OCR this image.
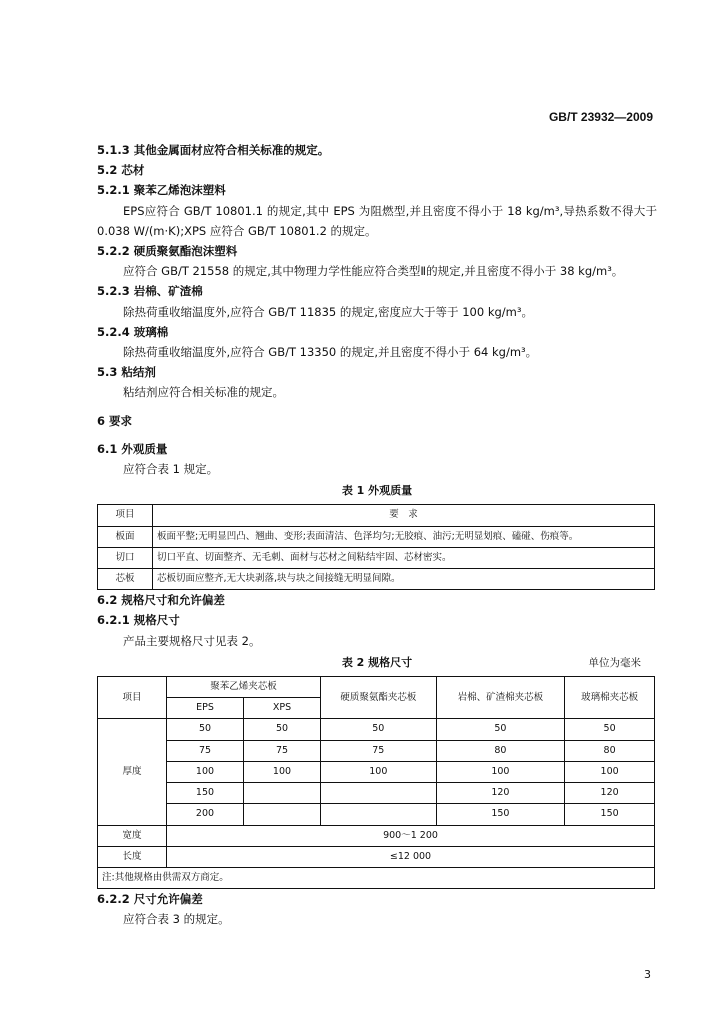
GB/T 23932—2009

5.1.3 其他金属面材应符合相关标准的规定。

5.2 芯材

5.2.1 聚苯乙烯泡沫塑料

EPS应符合 GB/T 10801.1 的规定,其中 EPS 为阻燃型,并且密度不得小于 18 kg/m³,导热系数不得大于 0.038 W/(m·K);XPS 应符合 GB/T 10801.2 的规定。

5.2.2 硬质聚氨酯泡沫塑料

应符合 GB/T 21558 的规定,其中物理力学性能应符合类型Ⅱ的规定,并且密度不得小于 38 kg/m³。

5.2.3 岩棉、矿渣棉

除热荷重收缩温度外,应符合 GB/T 11835 的规定,密度应大于等于 100 kg/m³。

5.2.4 玻璃棉

除热荷重收缩温度外,应符合 GB/T 13350 的规定,并且密度不得小于 64 kg/m³。

5.3 粘结剂

粘结剂应符合相关标准的规定。

6 要求

6.1 外观质量

应符合表 1 规定。

表 1 外观质量
项目	要　求
板面	板面平整;无明显凹凸、翘曲、变形;表面清洁、色泽均匀;无胶痕、油污;无明显划痕、磕碰、伤痕等。
切口	切口平直、切面整齐、无毛刺、面材与芯材之间粘结牢固、芯材密实。
芯板	芯板切面应整齐,无大块剥落,块与块之间接缝无明显间隙。

6.2 规格尺寸和允许偏差

6.2.1 规格尺寸

产品主要规格尺寸见表 2。

表 2 规格尺寸	单位为毫米
项目	聚苯乙烯夹芯板		硬质聚氨酯夹芯板	岩棉、矿渣棉夹芯板	玻璃棉夹芯板
	EPS	XPS			
厚度	50	50	50	50	50
	75	75	75	80	80
	100	100	100	100	100
	150			120	120
	200			150	150
宽度	900～1 200				
长度	≤12 000				
注:其他规格由供需双方商定。					

6.2.2 尺寸允许偏差

应符合表 3 的规定。

3
